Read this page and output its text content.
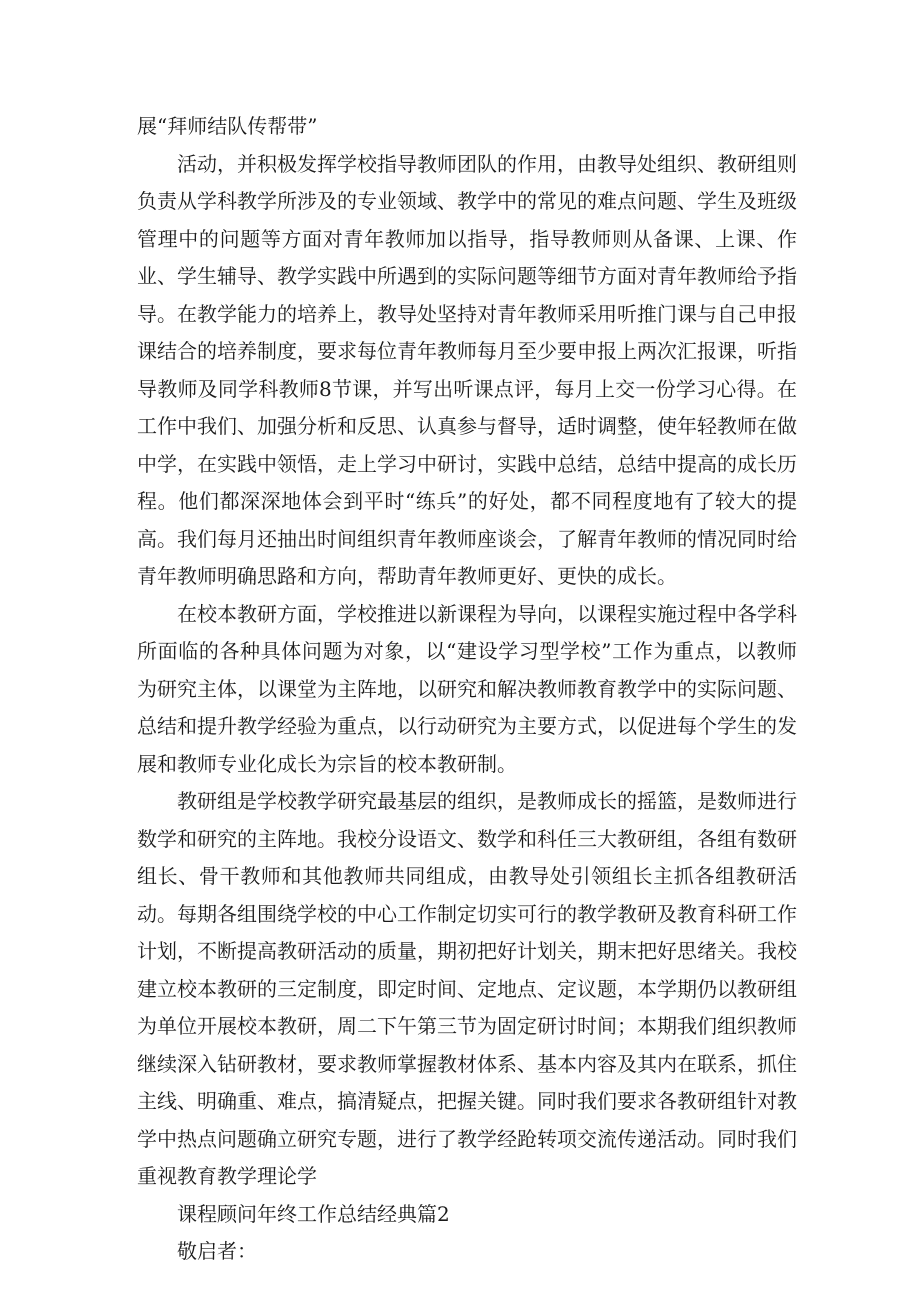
展“拜师结队传帮带”

活动，并积极发挥学校指导教师团队的作用，由教导处组织、教研组则负责从学科教学所涉及的专业领域、教学中的常见的难点问题、学生及班级管理中的问题等方面对青年教师加以指导，指导教师则从备课、上课、作业、学生辅导、教学实践中所遇到的实际问题等细节方面对青年教师给予指导。在教学能力的培养上，教导处坚持对青年教师采用听推门课与自己申报课结合的培养制度，要求每位青年教师每月至少要申报上两次汇报课，听指导教师及同学科教师8节课，并写出听课点评，每月上交一份学习心得。在工作中我们、加强分析和反思、认真参与督导，适时调整，使年轻教师在做中学，在实践中领悟，走上学习中研讨，实践中总结，总结中提高的成长历程。他们都深深地体会到平时“练兵”的好处，都不同程度地有了较大的提高。我们每月还抽出时间组织青年教师座谈会，了解青年教师的情况同时给青年教师明确思路和方向，帮助青年教师更好、更快的成长。

在校本教研方面，学校推进以新课程为导向，以课程实施过程中各学科所面临的各种具体问题为对象，以“建设学习型学校”工作为重点，以教师为研究主体，以课堂为主阵地，以研究和解决教师教育教学中的实际问题、总结和提升教学经验为重点，以行动研究为主要方式，以促进每个学生的发展和教师专业化成长为宗旨的校本教研制。

教研组是学校教学研究最基层的组织，是教师成长的摇篮，是数师进行数学和研究的主阵地。我校分设语文、数学和科任三大教研组，各组有数研组长、骨干教师和其他教师共同组成，由教导处引领组长主抓各组教研活动。每期各组围绕学校的中心工作制定切实可行的教学教研及教育科研工作计划，不断提高教研活动的质量，期初把好计划关，期末把好思绪关。我校建立校本教研的三定制度，即定时间、定地点、定议题，本学期仍以教研组为单位开展校本教研，周二下午第三节为固定研讨时间；本期我们组织教师继续深入钻研教材，要求教师掌握教材体系、基本内容及其内在联系，抓住主线、明确重、难点，搞清疑点，把握关键。同时我们要求各教研组针对教学中热点问题确立研究专题，进行了教学经跄转项交流传递活动。同时我们重视教育教学理论学

课程顾问年终工作总结经典篇2

敬启者：
